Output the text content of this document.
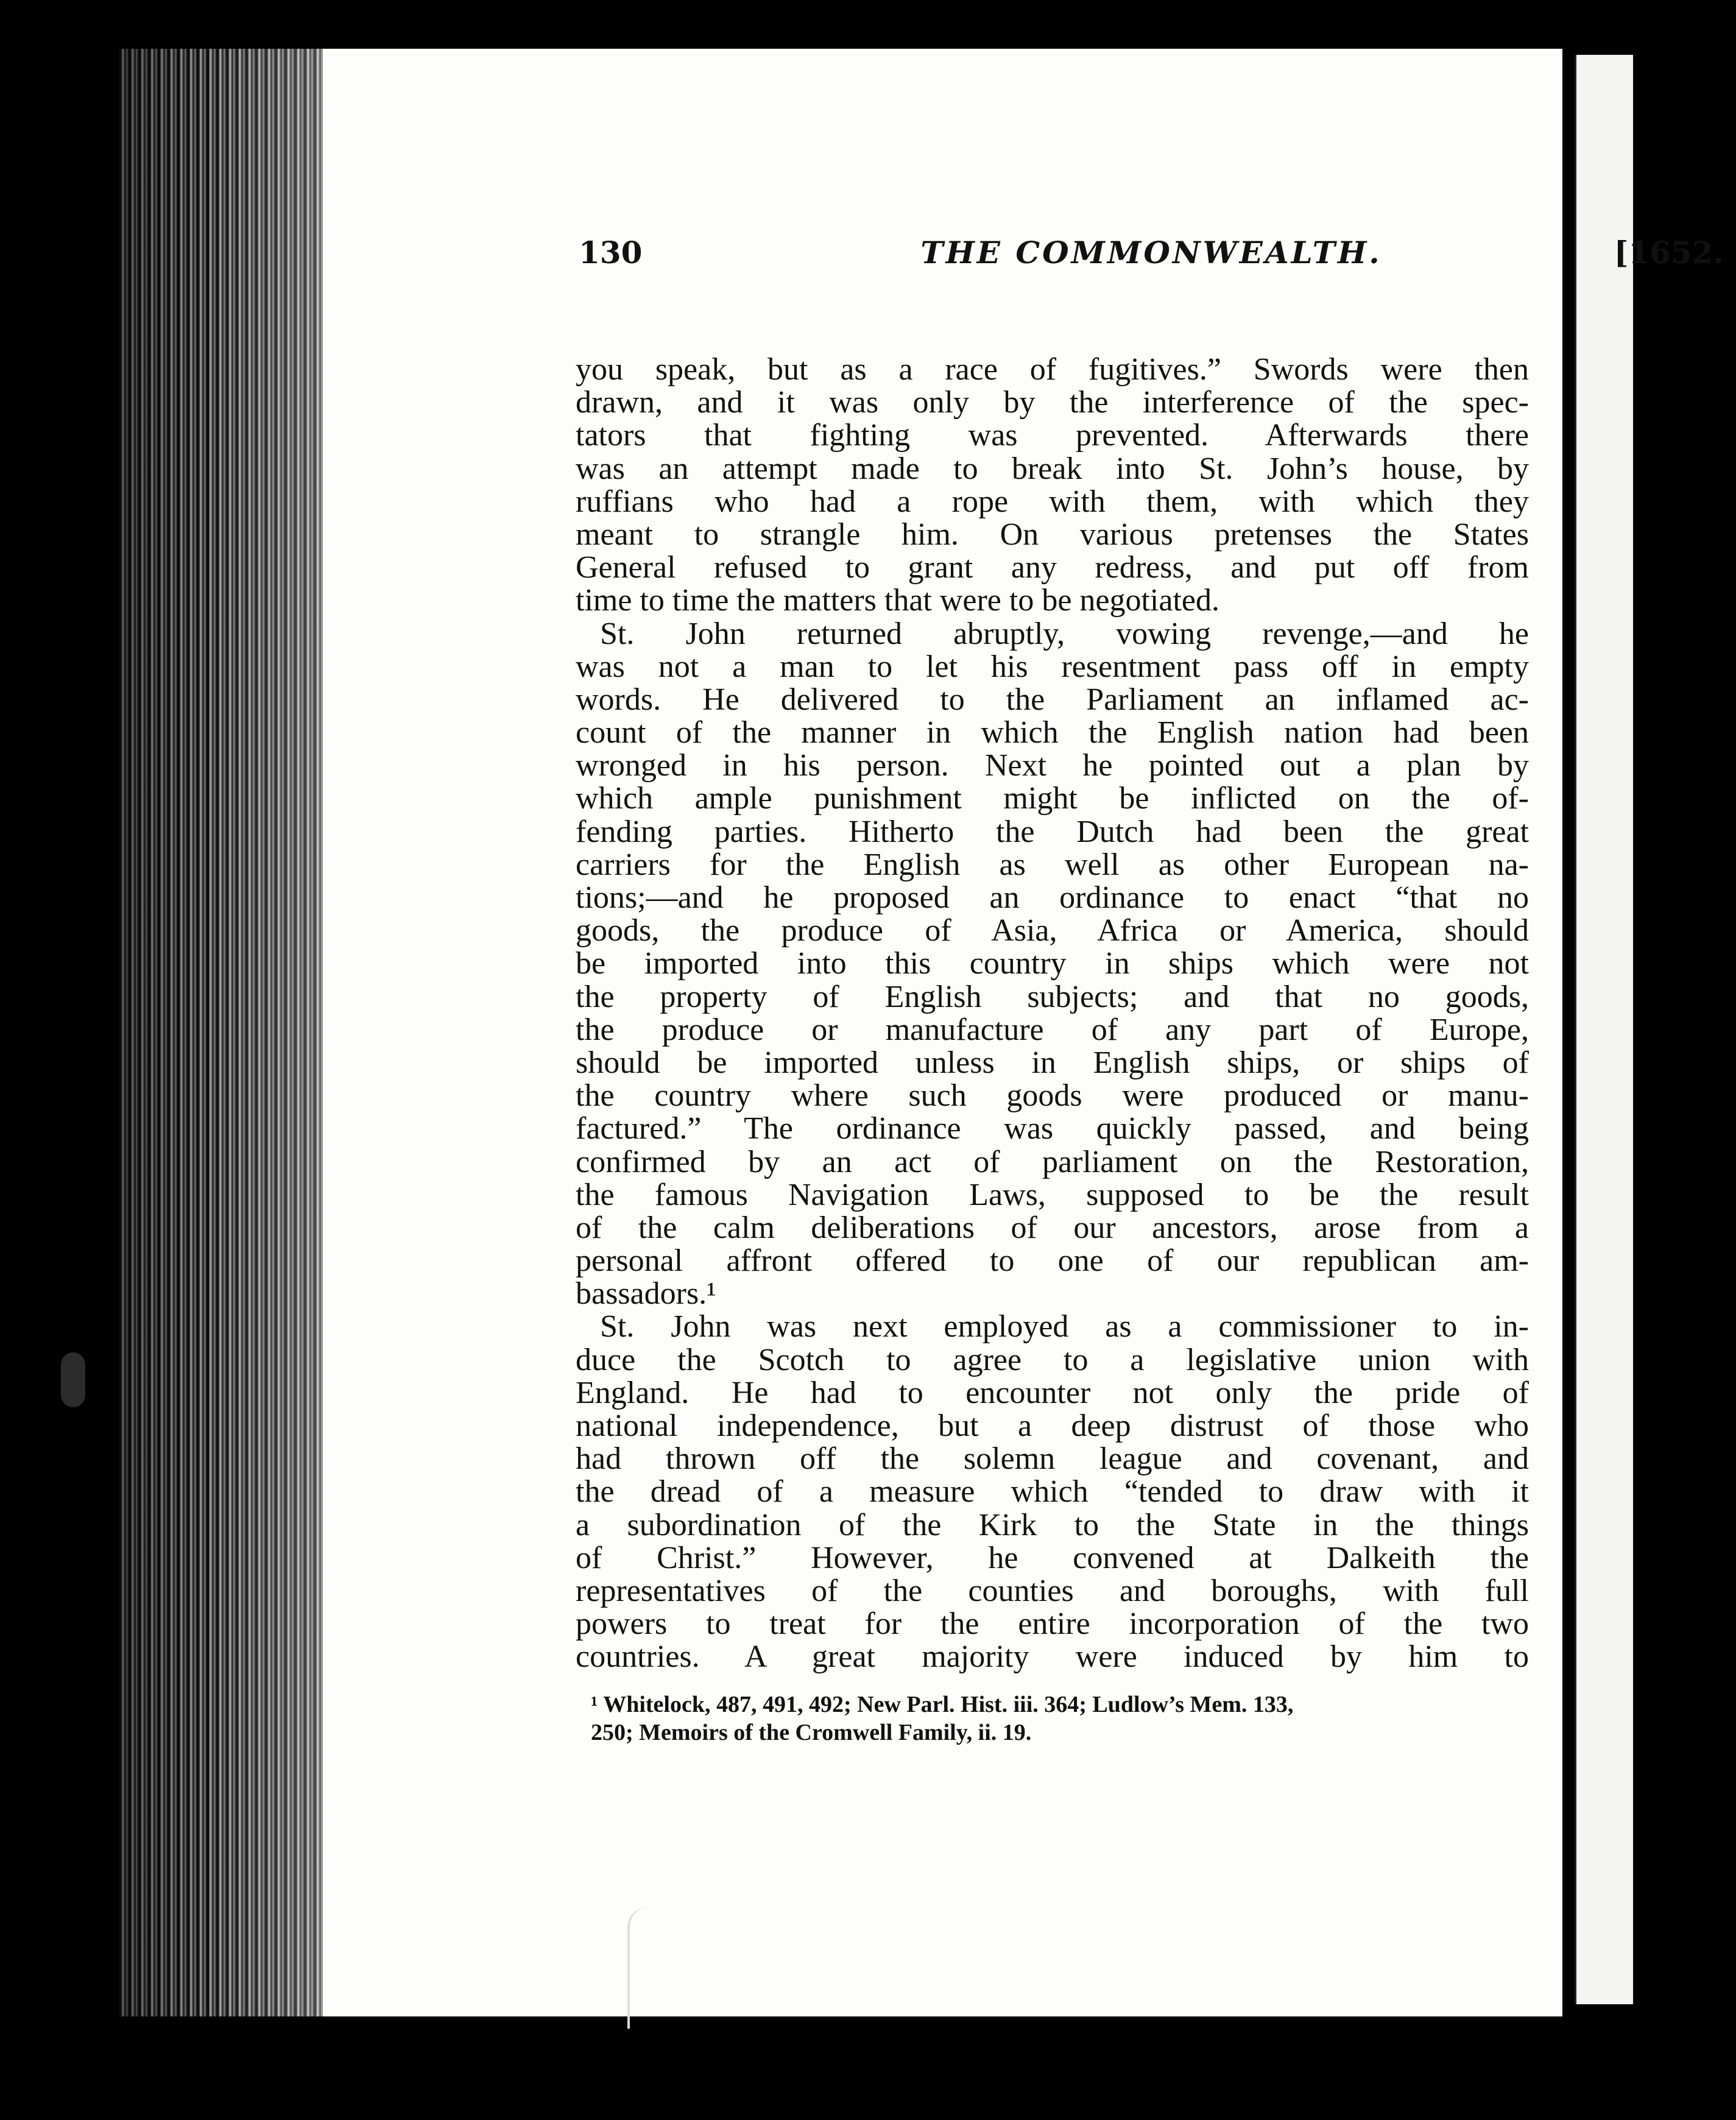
130	THE COMMONWEALTH.	[1652.
you speak, but as a race of fugitives.” Swords were then
drawn, and it was only by the interference of the spec-
tators that fighting was prevented. Afterwards there
was an attempt made to break into St. John’s house, by
ruffians who had a rope with them, with which they
meant to strangle him. On various pretenses the States
General refused to grant any redress, and put off from
time to time the matters that were to be negotiated.
St. John returned abruptly, vowing revenge,—and he
was not a man to let his resentment pass off in empty
words. He delivered to the Parliament an inflamed ac-
count of the manner in which the English nation had been
wronged in his person. Next he pointed out a plan by
which ample punishment might be inflicted on the of-
fending parties. Hitherto the Dutch had been the great
carriers for the English as well as other European na-
tions;—and he proposed an ordinance to enact “that no
goods, the produce of Asia, Africa or America, should
be imported into this country in ships which were not
the property of English subjects; and that no goods,
the produce or manufacture of any part of Europe,
should be imported unless in English ships, or ships of
the country where such goods were produced or manu-
factured.” The ordinance was quickly passed, and being
confirmed by an act of parliament on the Restoration,
the famous Navigation Laws, supposed to be the result
of the calm deliberations of our ancestors, arose from a
personal affront offered to one of our republican am-
bassadors.¹
St. John was next employed as a commissioner to in-
duce the Scotch to agree to a legislative union with
England. He had to encounter not only the pride of
national independence, but a deep distrust of those who
had thrown off the solemn league and covenant, and
the dread of a measure which “tended to draw with it
a subordination of the Kirk to the State in the things
of Christ.” However, he convened at Dalkeith the
representatives of the counties and boroughs, with full
powers to treat for the entire incorporation of the two
countries. A great majority were induced by him to
¹ Whitelock, 487, 491, 492; New Parl. Hist. iii. 364; Ludlow’s Mem. 133,
250; Memoirs of the Cromwell Family, ii. 19.
